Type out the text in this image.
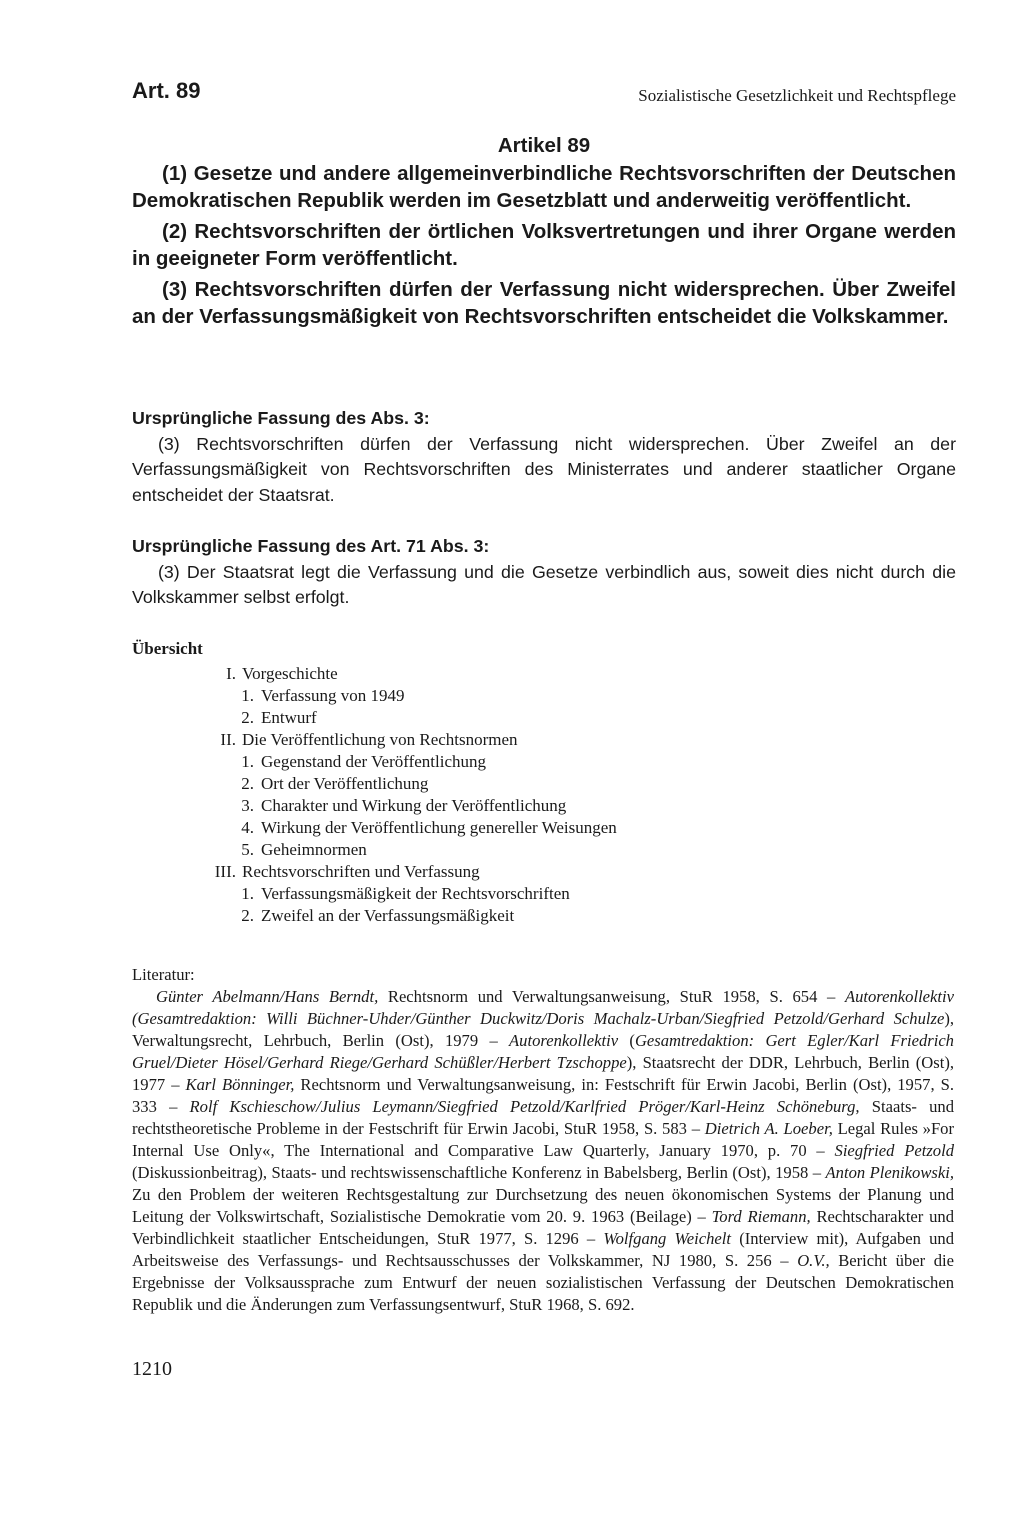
Art. 89	Sozialistische Gesetzlichkeit und Rechtspflege
Artikel 89

(1) Gesetze und andere allgemeinverbindliche Rechtsvorschriften der Deutschen Demokratischen Republik werden im Gesetzblatt und anderweitig veröffentlicht.

(2) Rechtsvorschriften der örtlichen Volksvertretungen und ihrer Organe werden in geeigneter Form veröffentlicht.

(3) Rechtsvorschriften dürfen der Verfassung nicht widersprechen. Über Zweifel an der Verfassungsmäßigkeit von Rechtsvorschriften entscheidet die Volkskammer.

Ursprüngliche Fassung des Abs. 3:

(3) Rechtsvorschriften dürfen der Verfassung nicht widersprechen. Über Zweifel an der Verfassungsmäßigkeit von Rechtsvorschriften des Ministerrates und anderer staatlicher Organe entscheidet der Staatsrat.

Ursprüngliche Fassung des Art. 71 Abs. 3:

(3) Der Staatsrat legt die Verfassung und die Gesetze verbindlich aus, soweit dies nicht durch die Volkskammer selbst erfolgt.

Übersicht
I. Vorgeschichte
1. Verfassung von 1949
2. Entwurf
II. Die Veröffentlichung von Rechtsnormen
1. Gegenstand der Veröffentlichung
2. Ort der Veröffentlichung
3. Charakter und Wirkung der Veröffentlichung
4. Wirkung der Veröffentlichung genereller Weisungen
5. Geheimnormen
III. Rechtsvorschriften und Verfassung
1. Verfassungsmäßigkeit der Rechtsvorschriften
2. Zweifel an der Verfassungsmäßigkeit
Literatur:

Günter Abelmann/Hans Berndt, Rechtsnorm und Verwaltungsanweisung, StuR 1958, S. 654 – Autorenkollektiv (Gesamtredaktion: Willi Büchner-Uhder/Günther Duckwitz/Doris Machalz-Urban/Siegfried Petzold/Gerhard Schulze), Verwaltungsrecht, Lehrbuch, Berlin (Ost), 1979 – Autorenkollektiv (Gesamtredaktion: Gert Egler/Karl Friedrich Gruel/Dieter Hösel/Gerhard Riege/Gerhard Schüßler/Herbert Tzschoppe), Staatsrecht der DDR, Lehrbuch, Berlin (Ost), 1977 – Karl Bönninger, Rechtsnorm und Verwaltungsanweisung, in: Festschrift für Erwin Jacobi, Berlin (Ost), 1957, S. 333 – Rolf Kschieschow/Julius Leymann/Siegfried Petzold/Karlfried Pröger/Karl-Heinz Schöneburg, Staats- und rechtstheoretische Probleme in der Festschrift für Erwin Jacobi, StuR 1958, S. 583 – Dietrich A. Loeber, Legal Rules »For Internal Use Only«, The International and Comparative Law Quarterly, January 1970, p. 70 – Siegfried Petzold (Diskussionbeitrag), Staats- und rechtswissenschaftliche Konferenz in Babelsberg, Berlin (Ost), 1958 – Anton Plenikowski, Zu den Problem der weiteren Rechtsgestaltung zur Durchsetzung des neuen ökonomischen Systems der Planung und Leitung der Volkswirtschaft, Sozialistische Demokratie vom 20. 9. 1963 (Beilage) – Tord Riemann, Rechtscharakter und Verbindlichkeit staatlicher Entscheidungen, StuR 1977, S. 1296 – Wolfgang Weichelt (Interview mit), Aufgaben und Arbeitsweise des Verfassungs- und Rechtsausschusses der Volkskammer, NJ 1980, S. 256 – O.V., Bericht über die Ergebnisse der Volksaussprache zum Entwurf der neuen sozialistischen Verfassung der Deutschen Demokratischen Republik und die Änderungen zum Verfassungsentwurf, StuR 1968, S. 692.

1210
